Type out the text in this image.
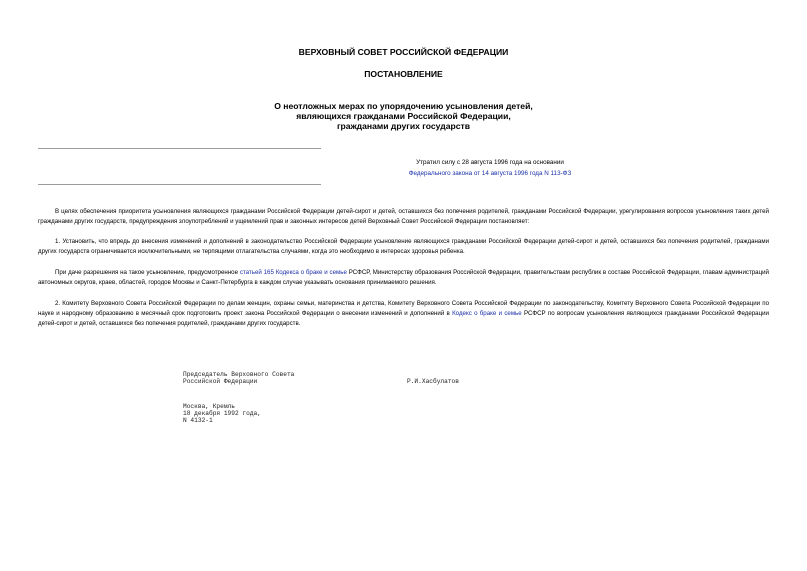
ВЕРХОВНЫЙ СОВЕТ РОССИЙСКОЙ ФЕДЕРАЦИИ
ПОСТАНОВЛЕНИЕ
О неотложных мерах по упорядочению усыновления детей,
являющихся гражданами Российской Федерации,
гражданами других государств
Утратил силу с 28 августа 1996 года на основании
Федерального закона от 14 августа 1996 года N 113-ФЗ
В целях обеспечения приоритета усыновления являющихся гражданами Российской Федерации детей-сирот и детей, оставшихся без попечения родителей, гражданами Российской Федерации, урегулирования вопросов усыновления таких детей гражданами других государств, предупреждения злоупотреблений и ущемлений прав и законных интересов детей Верховный Совет Российской Федерации постановляет:
1. Установить, что впредь до внесения изменений и дополнений в законодательство Российской Федерации усыновление являющихся гражданами Российской Федерации детей-сирот и детей, оставшихся без попечения родителей, гражданами других государств ограничивается исключительными, не терпящими отлагательства случаями, когда это необходимо в интересах здоровья ребенка.
При даче разрешения на такое усыновление, предусмотренное статьей 165 Кодекса о браке и семье РСФСР, Министерству образования Российской Федерации, правительствам республик в составе Российской Федерации, главам администраций автономных округов, краев, областей, городов Москвы и Санкт-Петербурга в каждом случае указывать основания принимаемого решения.
2. Комитету Верховного Совета Российской Федерации по делам женщин, охраны семьи, материнства и детства, Комитету Верховного Совета Российской Федерации по законодательству, Комитету Верховного Совета Российской Федерации по науке и народному образованию в месячный срок подготовить проект закона Российской Федерации о внесении изменений и дополнений в Кодекс о браке и семье РСФСР по вопросам усыновления являющихся гражданами Российской Федерации детей-сирот и детей, оставшихся без попечения родителей, гражданами других государств.
Председатель Верховного Совета
Российской Федерации	Р.И.Хасбулатов
Москва, Кремль
18 декабря 1992 года,
N 4132-1
